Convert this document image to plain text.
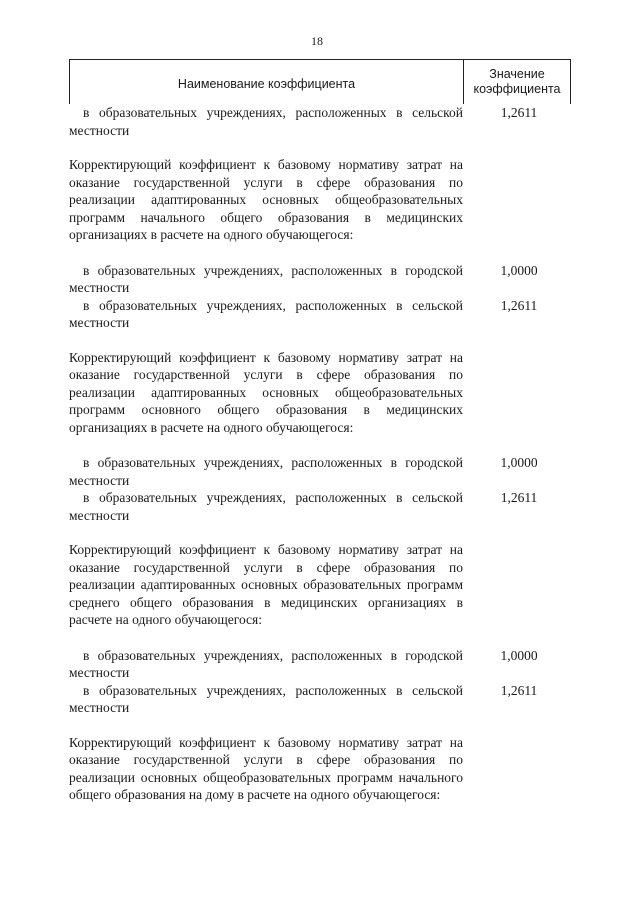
18
Наименование коэффициента
Значение
коэффициента
в образовательных учреждениях, расположенных в сельской местности
1,2611
Корректирующий коэффициент к базовому нормативу затрат на оказание государственной услуги в сфере образования по реализации адаптированных основных общеобразовательных программ начального общего образования в медицинских организациях в расчете на одного обучающегося:
в образовательных учреждениях, расположенных в городской местности
1,0000
в образовательных учреждениях, расположенных в сельской местности
1,2611
Корректирующий коэффициент к базовому нормативу затрат на оказание государственной услуги в сфере образования по реализации адаптированных основных общеобразовательных программ основного общего образования в медицинских организациях в расчете на одного обучающегося:
в образовательных учреждениях, расположенных в городской местности
1,0000
в образовательных учреждениях, расположенных в сельской местности
1,2611
Корректирующий коэффициент к базовому нормативу затрат на оказание государственной услуги в сфере образования по реализации адаптированных основных образовательных программ среднего общего образования в медицинских организациях в расчете на одного обучающегося:
в образовательных учреждениях, расположенных в городской местности
1,0000
в образовательных учреждениях, расположенных в сельской местности
1,2611
Корректирующий коэффициент к базовому нормативу затрат на оказание государственной услуги в сфере образования по реализации основных общеобразовательных программ начального общего образования на дому в расчете на одного обучающегося:
